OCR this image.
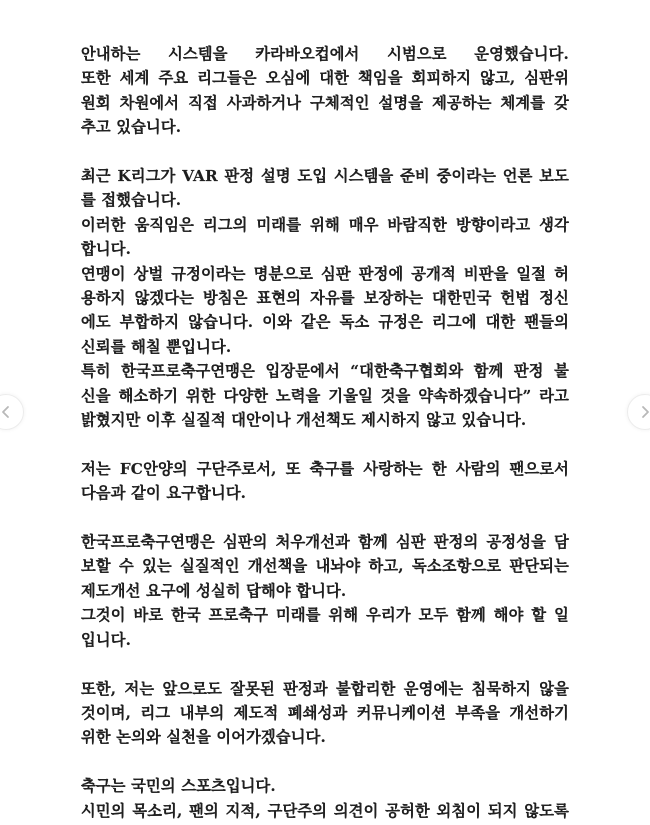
안내하는 시스템을 카라바오컵에서 시범으로 운영했습니다.
또한 세계 주요 리그들은 오심에 대한 책임을 회피하지 않고, 심판위
원회 차원에서 직접 사과하거나 구체적인 설명을 제공하는 체계를 갖
추고 있습니다.
최근 K리그가 VAR 판정 설명 도입 시스템을 준비 중이라는 언론 보도
를 접했습니다.
이러한 움직임은 리그의 미래를 위해 매우 바람직한 방향이라고 생각
합니다.
연맹이 상벌 규정이라는 명분으로 심판 판정에 공개적 비판을 일절 허
용하지 않겠다는 방침은 표현의 자유를 보장하는 대한민국 헌법 정신
에도 부합하지 않습니다. 이와 같은 독소 규정은 리그에 대한 팬들의
신뢰를 해칠 뿐입니다.
특히 한국프로축구연맹은 입장문에서 “대한축구협회와 함께 판정 불
신을 해소하기 위한 다양한 노력을 기울일 것을 약속하겠습니다” 라고
밝혔지만 이후 실질적 대안이나 개선책도 제시하지 않고 있습니다.
저는 FC안양의 구단주로서, 또 축구를 사랑하는 한 사람의 팬으로서
다음과 같이 요구합니다.
한국프로축구연맹은 심판의 처우개선과 함께 심판 판정의 공정성을 담
보할 수 있는 실질적인 개선책을 내놔야 하고, 독소조항으로 판단되는
제도개선 요구에 성실히 답해야 합니다.
그것이 바로 한국 프로축구 미래를 위해 우리가 모두 함께 해야 할 일
입니다.
또한, 저는 앞으로도 잘못된 판정과 불합리한 운영에는 침묵하지 않을
것이며, 리그 내부의 제도적 폐쇄성과 커뮤니케이션 부족을 개선하기
위한 논의와 실천을 이어가겠습니다.
축구는 국민의 스포츠입니다.
시민의 목소리, 팬의 지적, 구단주의 의견이 공허한 외침이 되지 않도록
